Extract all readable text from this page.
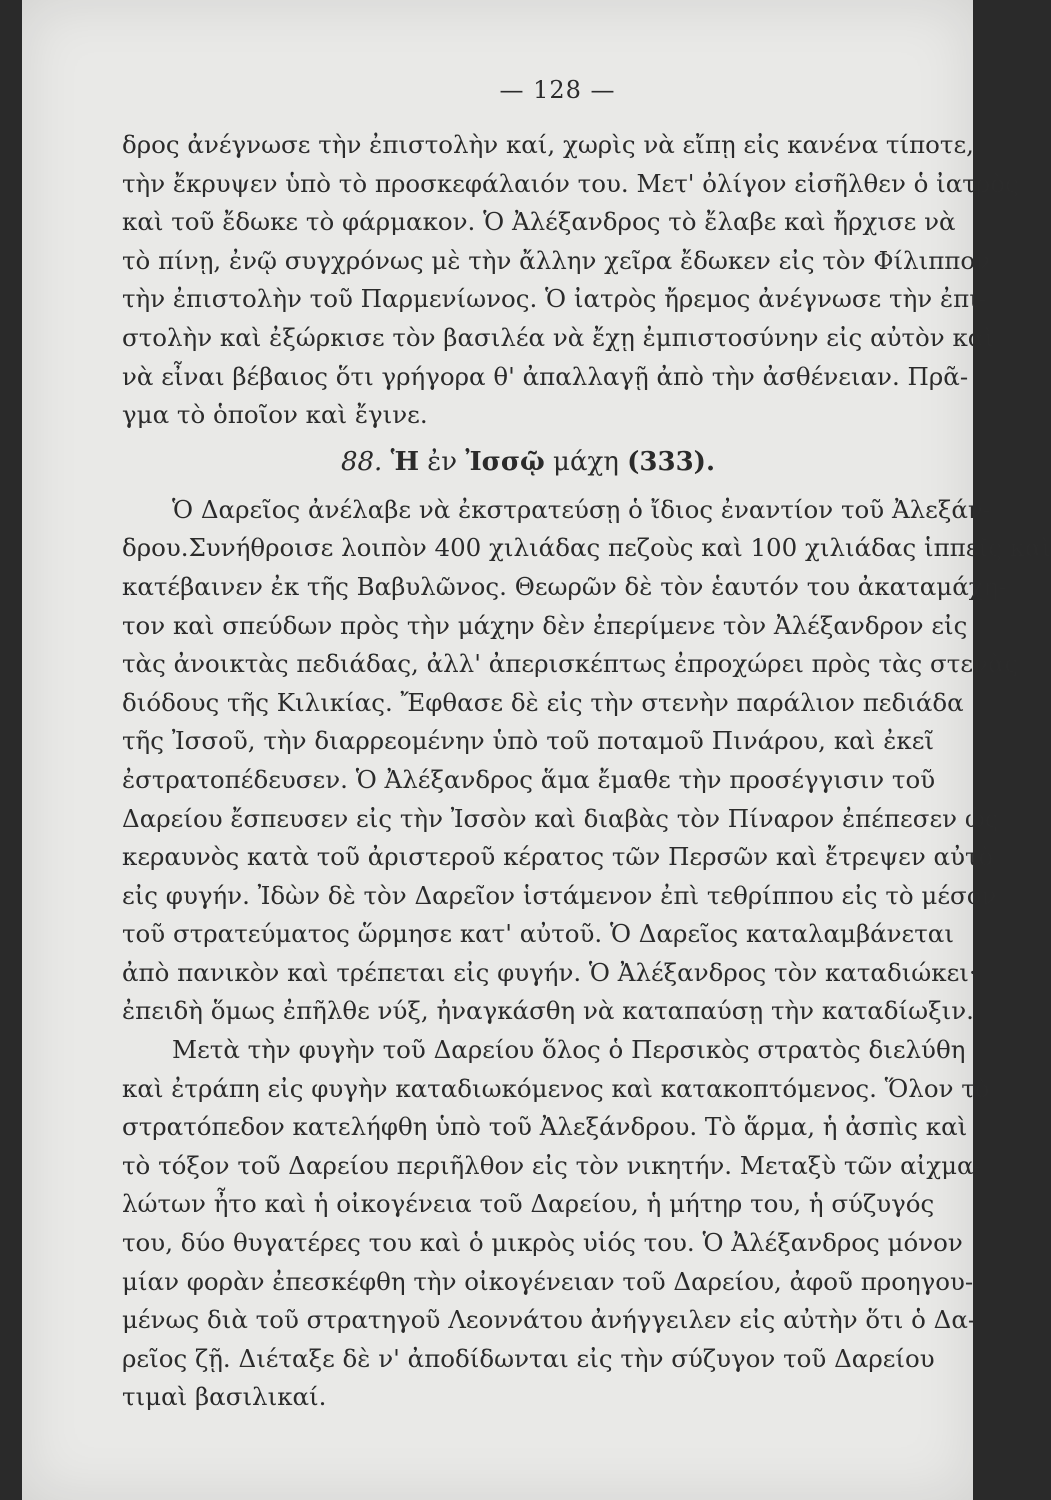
— 128 —
δρος ἀνέγνωσε τὴν ἐπιστολὴν καί, χωρὶς νὰ εἴπῃ εἰς κανένα τίποτε,
τὴν ἔκρυψεν ὑπὸ τὸ προσκεφάλαιόν του. Μετ' ὀλίγον εἰσῆλθεν ὁ ἰατρὸς
καὶ τοῦ ἔδωκε τὸ φάρμακον. Ὁ Ἀλέξανδρος τὸ ἔλαβε καὶ ἤρχισε νὰ
τὸ πίνῃ, ἐνῷ συγχρόνως μὲ τὴν ἄλλην χεῖρα ἔδωκεν εἰς τὸν Φίλιππον
τὴν ἐπιστολὴν τοῦ Παρμενίωνος. Ὁ ἰατρὸς ἤρεμος ἀνέγνωσε τὴν ἐπι-
στολὴν καὶ ἐξώρκισε τὸν βασιλέα νὰ ἔχῃ ἐμπιστοσύνην εἰς αὐτὸν καὶ
νὰ εἶναι βέβαιος ὅτι γρήγορα θ' ἀπαλλαγῇ ἀπὸ τὴν ἀσθένειαν. Πρᾶ-
γμα τὸ ὁποῖον καὶ ἔγινε.
88. Ἡ ἐν Ἰσσῷ μάχη (333).
Ὁ Δαρεῖος ἀνέλαβε νὰ ἐκστρατεύσῃ ὁ ἴδιος ἐναντίον τοῦ Ἀλεξάν-
δρου.Συνήθροισε λοιπὸν 400 χιλιάδας πεζοὺς καὶ 100 χιλιάδας ἱππεῖς καὶ
κατέβαινεν ἐκ τῆς Βαβυλῶνος. Θεωρῶν δὲ τὸν ἑαυτόν του ἀκαταμάχη-
τον καὶ σπεύδων πρὸς τὴν μάχην δὲν ἐπερίμενε τὸν Ἀλέξανδρον εἰς
τὰς ἀνοικτὰς πεδιάδας, ἀλλ' ἀπερισκέπτως ἐπροχώρει πρὸς τὰς στενὰς
διόδους τῆς Κιλικίας. Ἔφθασε δὲ εἰς τὴν στενὴν παράλιον πεδιάδα
τῆς Ἰσσοῦ, τὴν διαρρεομένην ὑπὸ τοῦ ποταμοῦ Πινάρου, καὶ ἐκεῖ
ἐστρατοπέδευσεν. Ὁ Ἀλέξανδρος ἅμα ἔμαθε τὴν προσέγγισιν τοῦ
Δαρείου ἔσπευσεν εἰς τὴν Ἰσσὸν καὶ διαβὰς τὸν Πίναρον ἐπέπεσεν ὡς
κεραυνὸς κατὰ τοῦ ἀριστεροῦ κέρατος τῶν Περσῶν καὶ ἔτρεψεν αὐτὸ
εἰς φυγήν. Ἰδὼν δὲ τὸν Δαρεῖον ἱστάμενον ἐπὶ τεθρίππου εἰς τὸ μέσον
τοῦ στρατεύματος ὥρμησε κατ' αὐτοῦ. Ὁ Δαρεῖος καταλαμβάνεται
ἀπὸ πανικὸν καὶ τρέπεται εἰς φυγήν. Ὁ Ἀλέξανδρος τὸν καταδιώκει·
ἐπειδὴ ὅμως ἐπῆλθε νύξ, ἠναγκάσθη νὰ καταπαύσῃ τὴν καταδίωξιν.
Μετὰ τὴν φυγὴν τοῦ Δαρείου ὅλος ὁ Περσικὸς στρατὸς διελύθη
καὶ ἐτράπη εἰς φυγὴν καταδιωκόμενος καὶ κατακοπτόμενος. Ὅλον τὸ
στρατόπεδον κατελήφθη ὑπὸ τοῦ Ἀλεξάνδρου. Τὸ ἅρμα, ἡ ἀσπὶς καὶ
τὸ τόξον τοῦ Δαρείου περιῆλθον εἰς τὸν νικητήν. Μεταξὺ τῶν αἰχμα-
λώτων ἦτο καὶ ἡ οἰκογένεια τοῦ Δαρείου, ἡ μήτηρ του, ἡ σύζυγός
του, δύο θυγατέρες του καὶ ὁ μικρὸς υἱός του. Ὁ Ἀλέξανδρος μόνον
μίαν φορὰν ἐπεσκέφθη τὴν οἰκογένειαν τοῦ Δαρείου, ἀφοῦ προηγου-
μένως διὰ τοῦ στρατηγοῦ Λεοννάτου ἀνήγγειλεν εἰς αὐτὴν ὅτι ὁ Δα-
ρεῖος ζῇ. Διέταξε δὲ ν' ἀποδίδωνται εἰς τὴν σύζυγον τοῦ Δαρείου
τιμαὶ βασιλικαί.
